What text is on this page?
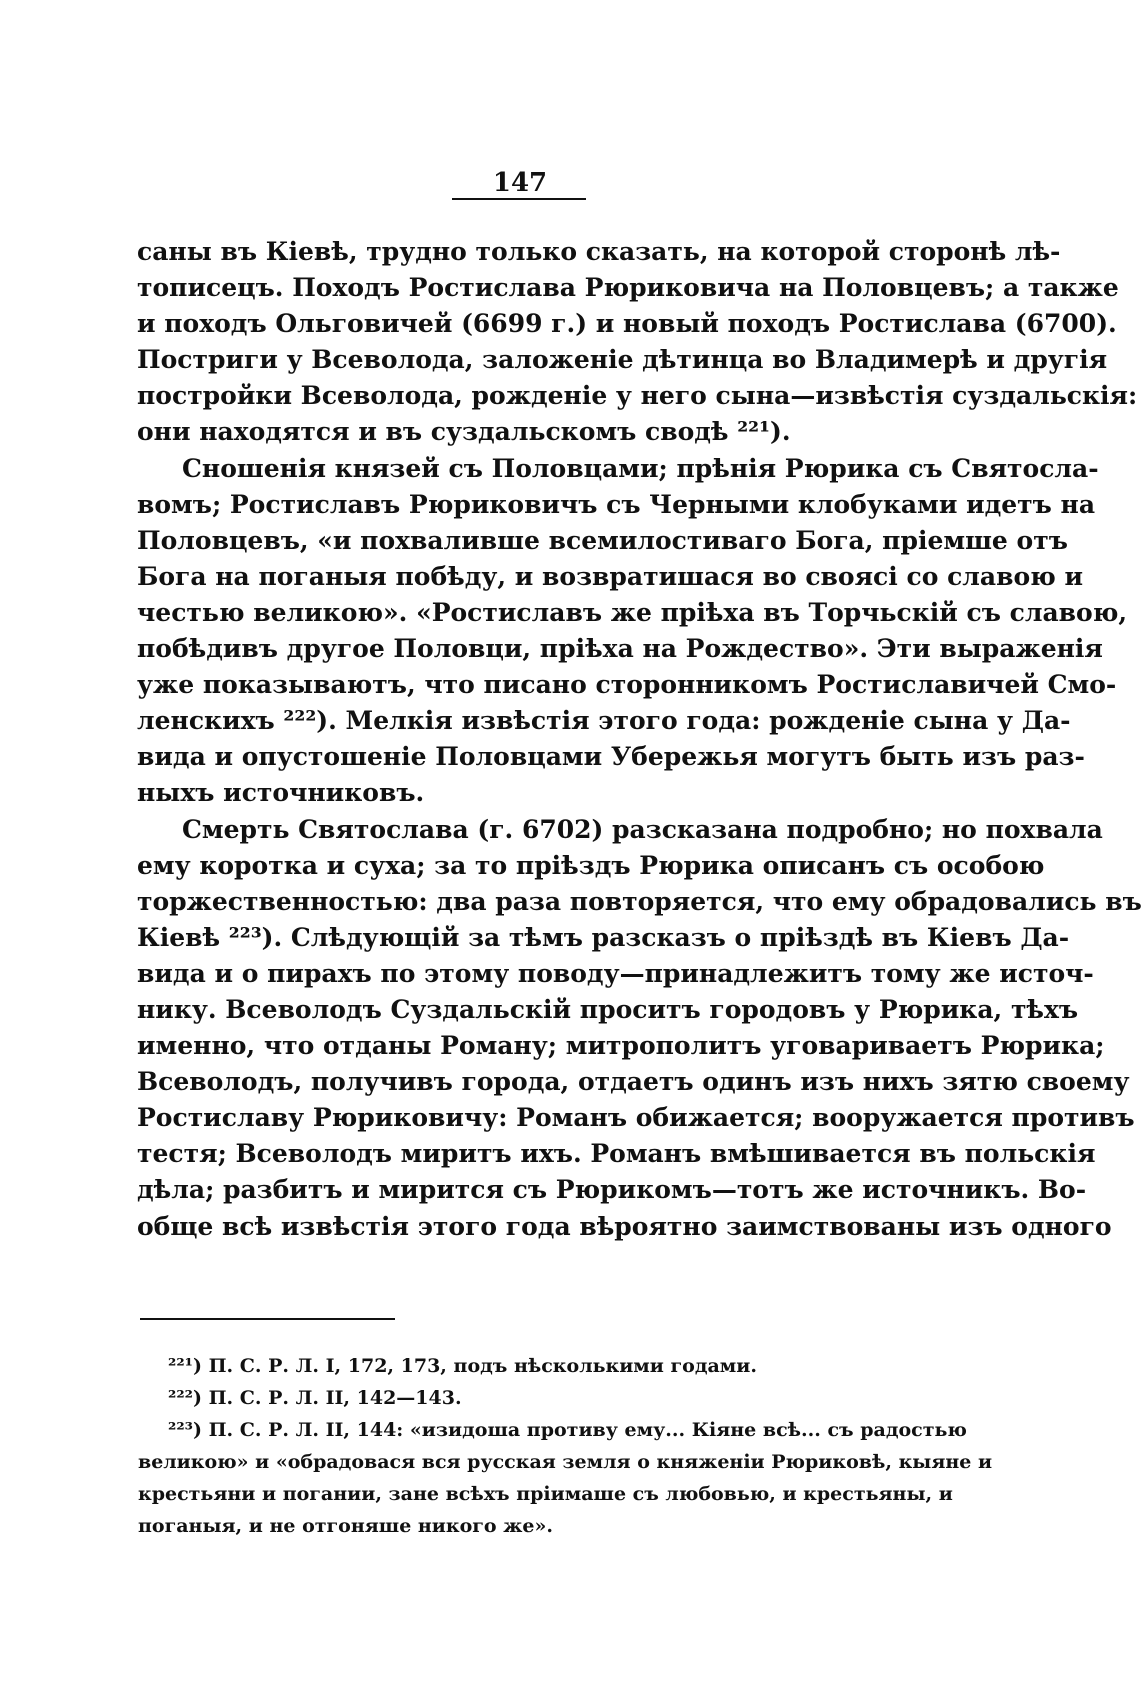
147
саны въ Кіевѣ, трудно только сказать, на которой сторонѣ лѣ-
тописецъ. Походъ Ростислава Рюриковича на Половцевъ; а также
и походъ Ольговичей (6699 г.) и новый походъ Ростислава (6700).
Постриги у Всеволода, заложеніе дѣтинца во Владимерѣ и другія
постройки Всеволода, рожденіе у него сына—извѣстія суздальскія:
они находятся и въ суздальскомъ сводѣ ²²¹).
Сношенія князей съ Половцами; прѣнія Рюрика съ Святосла-
вомъ; Ростиславъ Рюриковичъ съ Черными клобуками идетъ на
Половцевъ, «и похваливше всемилостиваго Бога, пріемше отъ
Бога на поганыя побѣду, и возвратишася во своясі со славою и
честью великою». «Ростиславъ же пріѣха въ Торчьскій съ славою,
побѣдивъ другое Половци, пріѣха на Рождество». Эти выраженія
уже показываютъ, что писано сторонникомъ Ростиславичей Смо-
ленскихъ ²²²). Мелкія извѣстія этого года: рожденіе сына у Да-
вида и опустошеніе Половцами Убережья могутъ быть изъ раз-
ныхъ источниковъ.
Смерть Святослава (г. 6702) разсказана подробно; но похвала
ему коротка и суха; за то пріѣздъ Рюрика описанъ съ особою
торжественностью: два раза повторяется, что ему обрадовались въ
Кіевѣ ²²³). Слѣдующій за тѣмъ разсказъ о пріѣздѣ въ Кіевъ Да-
вида и о пирахъ по этому поводу—принадлежитъ тому же источ-
нику. Всеволодъ Суздальскій проситъ городовъ у Рюрика, тѣхъ
именно, что отданы Роману; митрополитъ уговариваетъ Рюрика;
Всеволодъ, получивъ города, отдаетъ одинъ изъ нихъ зятю своему
Ростиславу Рюриковичу: Романъ обижается; вооружается противъ
тестя; Всеволодъ миритъ ихъ. Романъ вмѣшивается въ польскія
дѣла; разбитъ и мирится съ Рюрикомъ—тотъ же источникъ. Во-
обще всѣ извѣстія этого года вѣроятно заимствованы изъ одного
²²¹) П. С. Р. Л. I, 172, 173, подъ нѣсколькими годами.
²²²) П. С. Р. Л. II, 142—143.
²²³) П. С. Р. Л. II, 144: «изидоша противу ему... Кіяне всѣ... съ радостью
великою» и «обрадовася вся русская земля о княженіи Рюриковѣ, кыяне и
крестьяни и погании, зане всѣхъ пріимаше съ любовью, и крестьяны, и
поганыя, и не отгоняше никого же».
